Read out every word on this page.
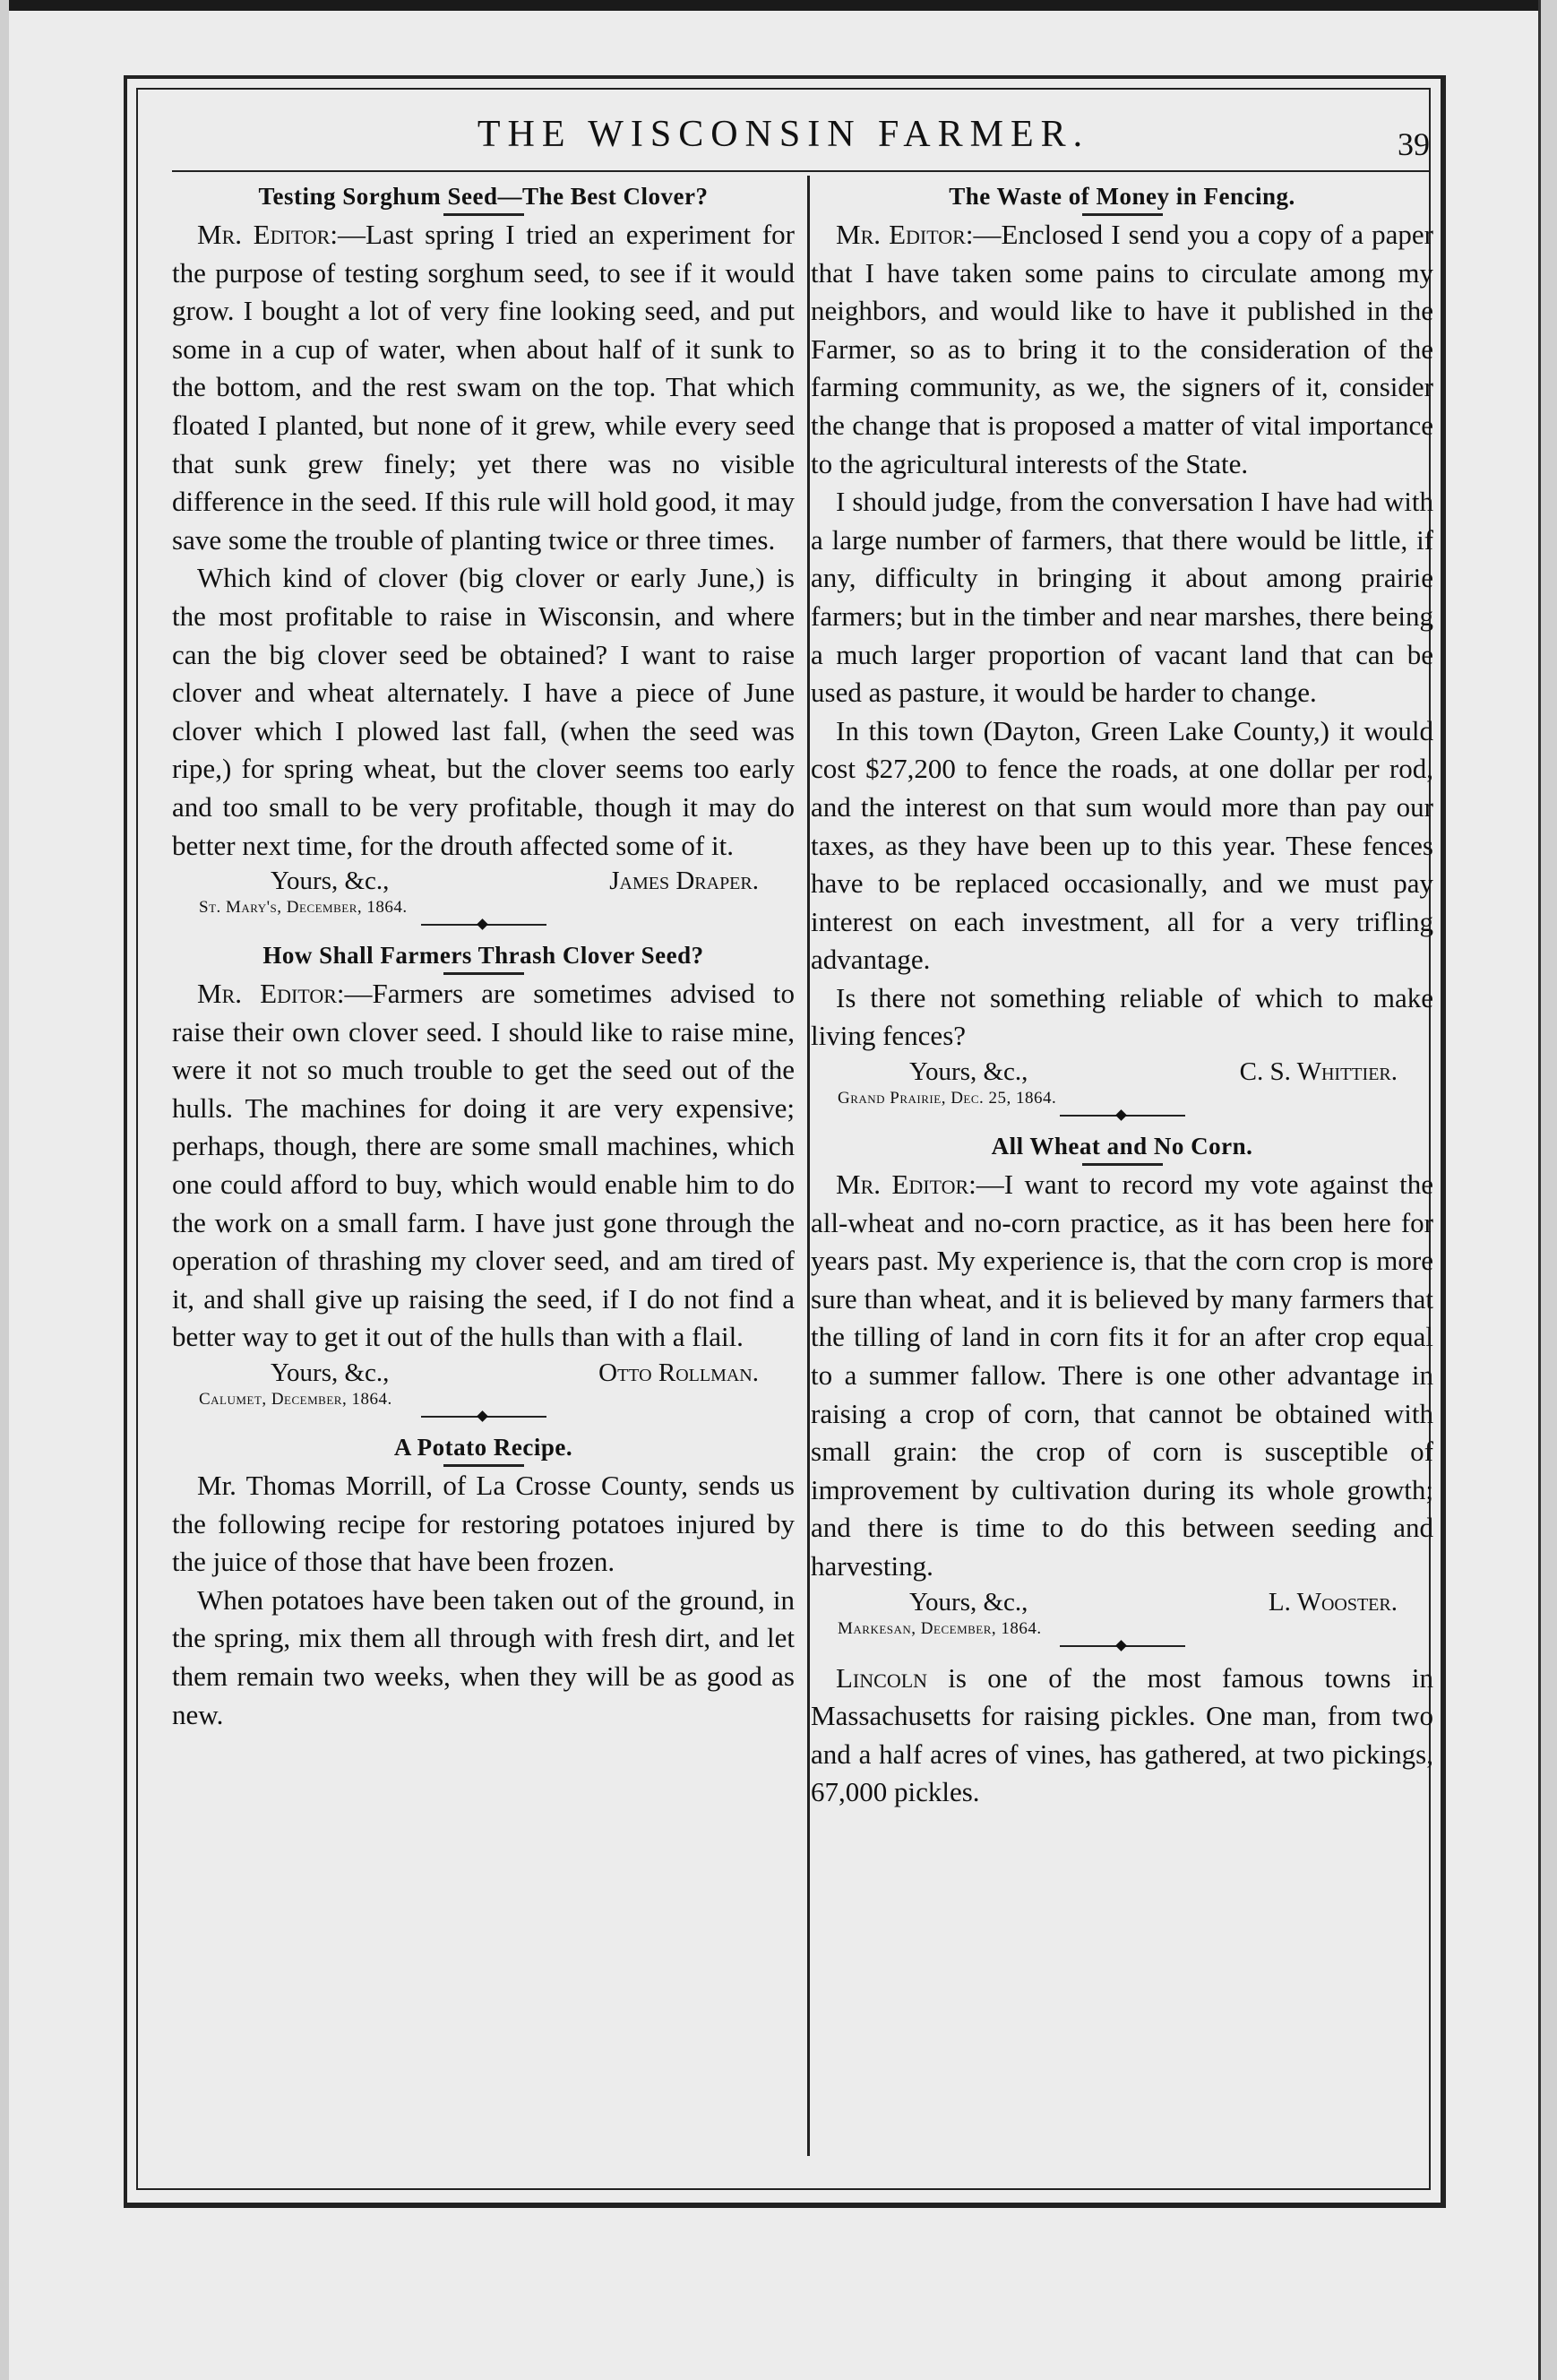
THE WISCONSIN FARMER.	39
Testing Sorghum Seed—The Best Clover?

Mr. Editor:—Last spring I tried an experiment for the purpose of testing sorghum seed, to see if it would grow. I bought a lot of very fine looking seed, and put some in a cup of water, when about half of it sunk to the bottom, and the rest swam on the top. That which floated I planted, but none of it grew, while every seed that sunk grew finely; yet there was no visible difference in the seed. If this rule will hold good, it may save some the trouble of planting twice or three times.

Which kind of clover (big clover or early June,) is the most profitable to raise in Wisconsin, and where can the big clover seed be obtained? I want to raise clover and wheat alternately. I have a piece of June clover which I plowed last fall, (when the seed was ripe,) for spring wheat, but the clover seems too early and too small to be very profitable, though it may do better next time, for the drouth affected some of it.

Yours, &c.,	James Draper.
St. Mary's, December, 1864.
How Shall Farmers Thrash Clover Seed?

Mr. Editor:—Farmers are sometimes advised to raise their own clover seed. I should like to raise mine, were it not so much trouble to get the seed out of the hulls. The machines for doing it are very expensive; perhaps, though, there are some small machines, which one could afford to buy, which would enable him to do the work on a small farm. I have just gone through the operation of thrashing my clover seed, and am tired of it, and shall give up raising the seed, if I do not find a better way to get it out of the hulls than with a flail.

Yours, &c.,	Otto Rollman.
Calumet, December, 1864.
A Potato Recipe.

Mr. Thomas Morrill, of La Crosse County, sends us the following recipe for restoring potatoes injured by the juice of those that have been frozen.

When potatoes have been taken out of the ground, in the spring, mix them all through with fresh dirt, and let them remain two weeks, when they will be as good as new.

The Waste of Money in Fencing.

Mr. Editor:—Enclosed I send you a copy of a paper that I have taken some pains to circulate among my neighbors, and would like to have it published in the Farmer, so as to bring it to the consideration of the farming community, as we, the signers of it, consider the change that is proposed a matter of vital importance to the agricultural interests of the State.

I should judge, from the conversation I have had with a large number of farmers, that there would be little, if any, difficulty in bringing it about among prairie farmers; but in the timber and near marshes, there being a much larger proportion of vacant land that can be used as pasture, it would be harder to change.

In this town (Dayton, Green Lake County,) it would cost $27,200 to fence the roads, at one dollar per rod, and the interest on that sum would more than pay our taxes, as they have been up to this year. These fences have to be replaced occasionally, and we must pay interest on each investment, all for a very trifling advantage.

Is there not something reliable of which to make living fences?

Yours, &c.,	C. S. Whittier.
Grand Prairie, Dec. 25, 1864.
All Wheat and No Corn.

Mr. Editor:—I want to record my vote against the all-wheat and no-corn practice, as it has been here for years past. My experience is, that the corn crop is more sure than wheat, and it is believed by many farmers that the tilling of land in corn fits it for an after crop equal to a summer fallow. There is one other advantage in raising a crop of corn, that cannot be obtained with small grain: the crop of corn is susceptible of improvement by cultivation during its whole growth; and there is time to do this between seeding and harvesting.

Yours, &c.,	L. Wooster.
Markesan, December, 1864.

Lincoln is one of the most famous towns in Massachusetts for raising pickles. One man, from two and a half acres of vines, has gathered, at two pickings, 67,000 pickles.
